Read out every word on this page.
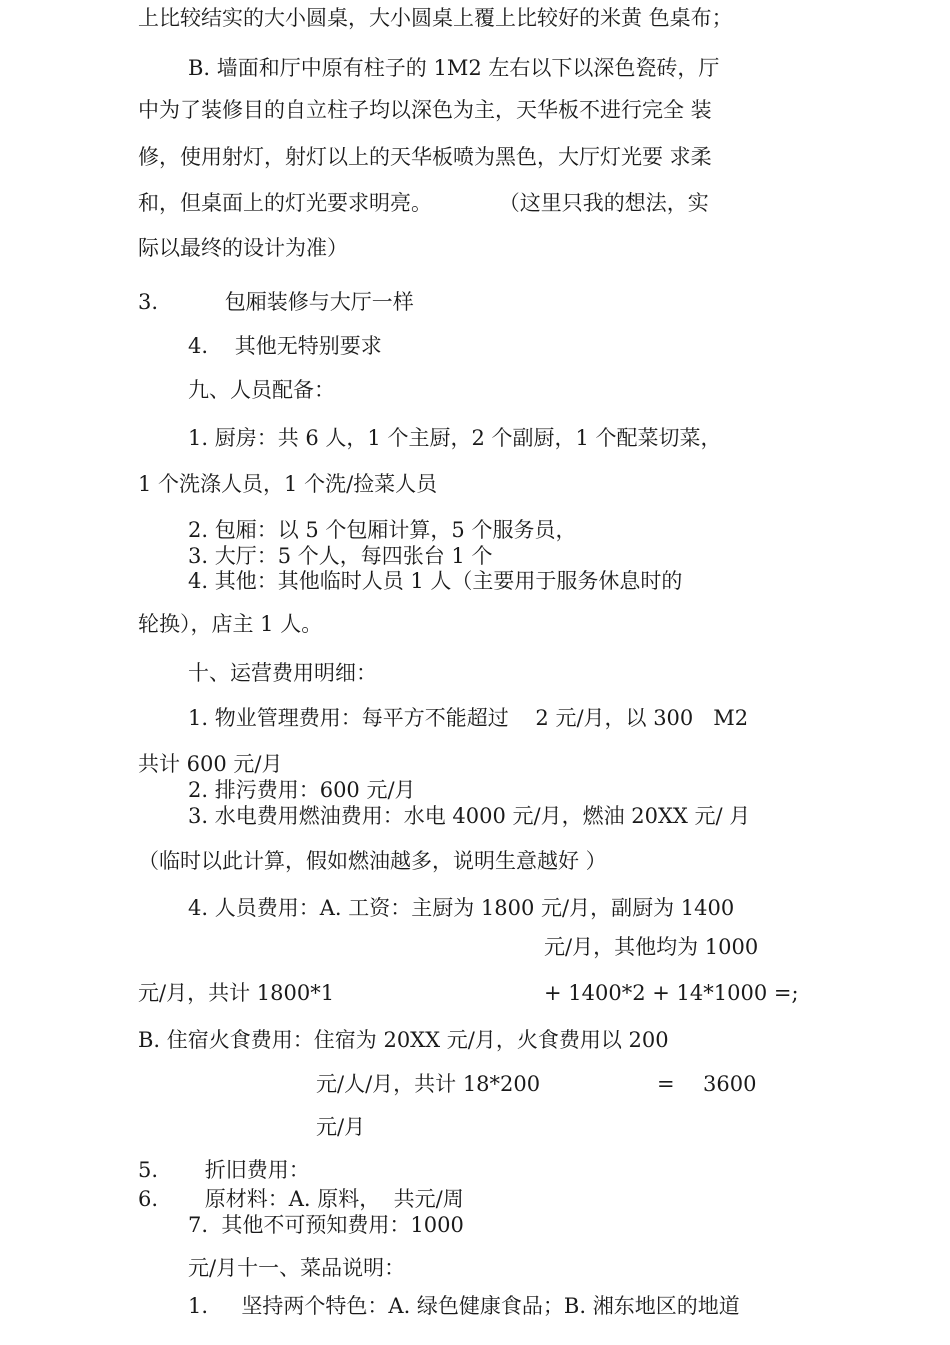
上比较结实的大小圆桌，大小圆桌上覆上比较好的米黄 色桌布；
B. 墙面和厅中原有柱子的 1M2 左右以下以深色瓷砖，厅
中为了装修目的自立柱子均以深色为主，天华板不进行完全 装
修，使用射灯，射灯以上的天华板喷为黑色，大厅灯光要 求柔
和，但桌面上的灯光要求明亮。          （这里只我的想法，实
际以最终的设计为准）
3.          包厢装修与大厅一样
4.    其他无特别要求
九、人员配备：
1. 厨房：共 6 人，1 个主厨，2 个副厨，1 个配菜切菜，
1 个洗涤人员，1 个洗/捡菜人员
2. 包厢：以 5 个包厢计算，5 个服务员，
3. 大厅：5 个人，每四张台 1 个
4. 其他：其他临时人员 1 人（主要用于服务休息时的
轮换），店主 1 人。
十、运营费用明细：
1. 物业管理费用：每平方不能超过    2 元/月，以 300   M2
共计 600 元/月
2. 排污费用：600 元/月
3. 水电费用燃油费用：水电 4000 元/月，燃油 20XX 元/ 月
（临时以此计算，假如燃油越多，说明生意越好 ）
4. 人员费用：A. 工资：主厨为 1800 元/月，副厨为 1400
元/月，其他均为 1000
元/月，共计 1800*1	+ 1400*2 + 14*1000 =;
B. 住宿火食费用：住宿为 20XX 元/月，火食费用以 200
元/人/月，共计 18*200	= 3600
元/月
5.       折旧费用：
6.       原材料：A. 原料，  共元/周
7.  其他不可预知费用：1000
元/月十一、菜品说明：
1.     坚持两个特色：A. 绿色健康食品；B. 湘东地区的地道
